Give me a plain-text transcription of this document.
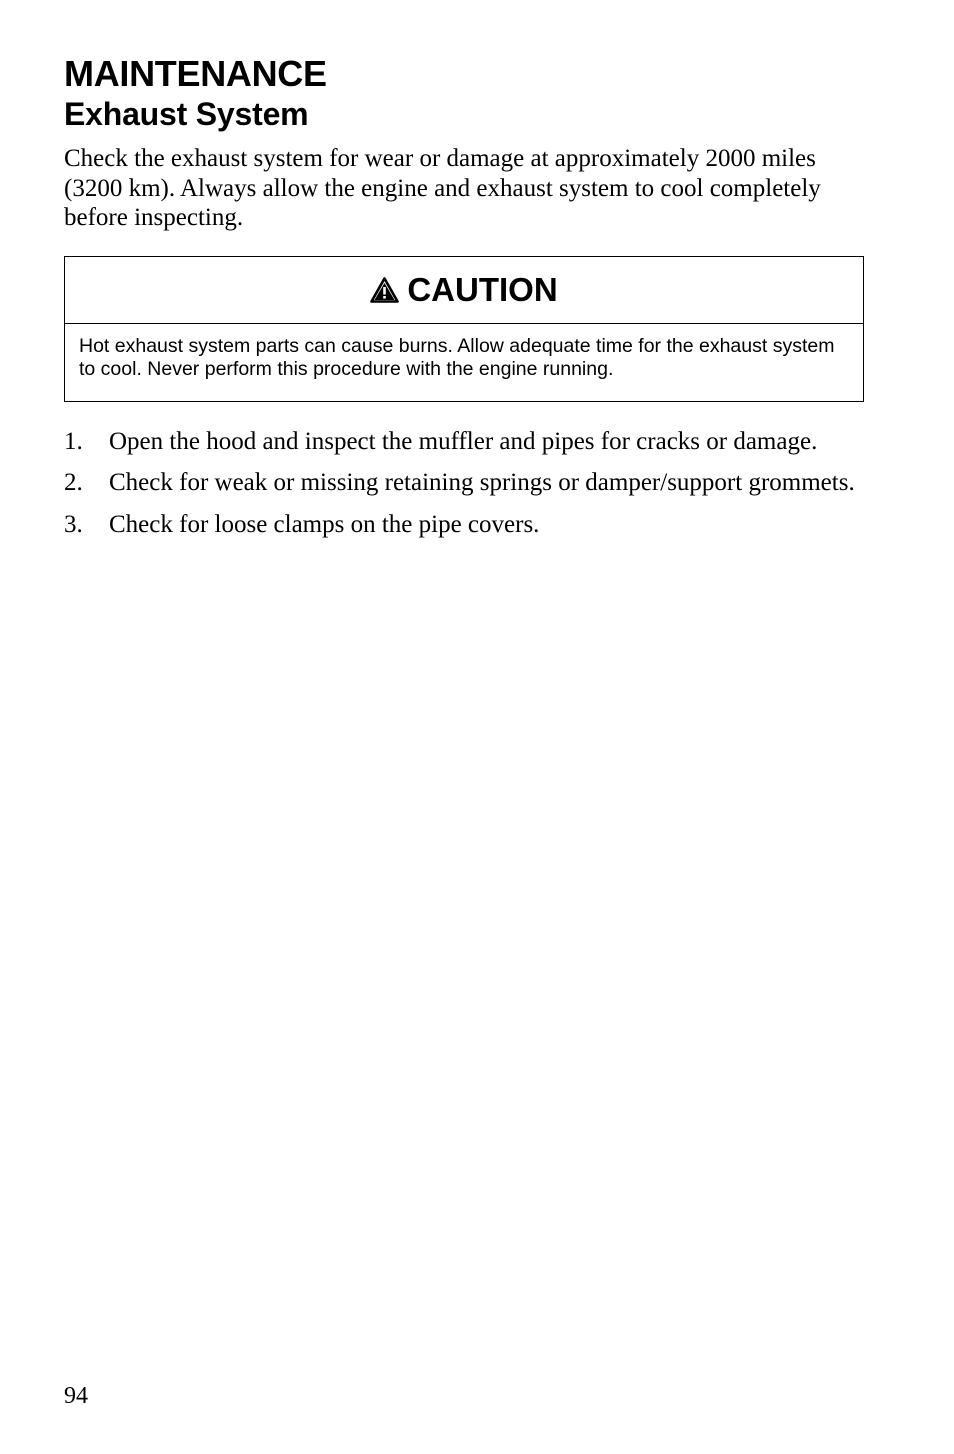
MAINTENANCE
Exhaust System

Check the exhaust system for wear or damage at approximately 2000 miles (3200 km). Always allow the engine and exhaust system to cool completely before inspecting.

CAUTION
Hot exhaust system parts can cause burns. Allow adequate time for the exhaust system to cool. Never perform this procedure with the engine running.
1.	Open the hood and inspect the muffler and pipes for cracks or damage.
2.	Check for weak or missing retaining springs or damper/support grommets.
3.	Check for loose clamps on the pipe covers.
94
